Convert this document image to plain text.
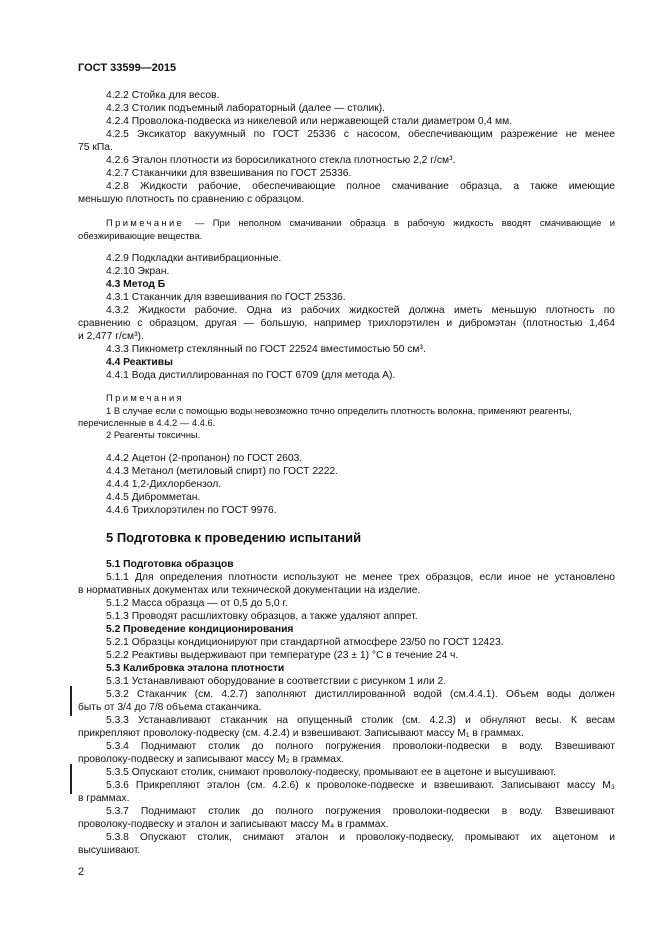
ГОСТ 33599—2015
4.2.2 Стойка для весов.
4.2.3 Столик подъемный лабораторный (далее — столик).
4.2.4 Проволока-подвеска из никелевой или нержавеющей стали диаметром 0,4 мм.
4.2.5 Эксикатор вакуумный по ГОСТ 25336 с насосом, обеспечивающим разрежение не менее
75 кПа.
4.2.6 Эталон плотности из боросиликатного стекла плотностью 2,2 г/см³.
4.2.7 Стаканчики для взвешивания по ГОСТ 25336.
4.2.8 Жидкости рабочие, обеспечивающие полное смачивание образца, а также имеющие
меньшую плотность по сравнению с образцом.
Примечание — При неполном смачивании образца в рабочую жидкость вводят смачивающие и
обезжиривающие вещества.
4.2.9 Подкладки антивибрационные.
4.2.10 Экран.
4.3 Метод Б
4.3.1 Стаканчик для взвешивания по ГОСТ 25336.
4.3.2 Жидкости рабочие. Одна из рабочих жидкостей должна иметь меньшую плотность по
сравнению с образцом, другая — большую, например трихлорэтилен и дибромэтан (плотностью 1,464
и 2,477 г/см³).
4.3.3 Пикнометр стеклянный по ГОСТ 22524 вместимостью 50 см³.
4.4 Реактивы
4.4.1 Вода дистиллированная по ГОСТ 6709 (для метода А).
Примечания
1 В случае если с помощью воды невозможно точно определить плотность волокна, применяют реагенты,
перечисленные в 4.4.2 — 4.4.6.
2 Реагенты токсичны.
4.4.2 Ацетон (2-пропанон) по ГОСТ 2603.
4.4.3 Метанол (метиловый спирт) по ГОСТ 2222.
4.4.4 1,2-Дихлорбензол.
4.4.5 Дибромметан.
4.4.6 Трихлорэтилен по ГОСТ 9976.
5 Подготовка к проведению испытаний
5.1 Подготовка образцов
5.1.1 Для определения плотности используют не менее трех образцов, если иное не установлено
в нормативных документах или технической документации на изделие.
5.1.2 Масса образца — от 0,5 до 5,0 г.
5.1.3 Проводят расшлихтовку образцов, а также удаляют аппрет.
5.2 Проведение кондиционирования
5.2.1 Образцы кондиционируют при стандартной атмосфере 23/50 по ГОСТ 12423.
5.2.2 Реактивы выдерживают при температуре (23 ± 1) °С в течение 24 ч.
5.3 Калибровка эталона плотности
5.3.1 Устанавливают оборудование в соответствии с рисунком 1 или 2.
5.3.2 Стаканчик (см. 4.2.7) заполняют дистиллированной водой (см.4.4.1). Объем воды должен
быть от 3/4 до 7/8 объема стаканчика.
5.3.3 Устанавливают стаканчик на опущенный столик (см. 4.2.3) и обнуляют весы. К весам
прикрепляют проволоку-подвеску (см. 4.2.4) и взвешивают. Записывают массу М₁ в граммах.
5.3.4 Поднимают столик до полного погружения проволоки-подвески в воду. Взвешивают
проволоку-подвеску и записывают массу М₂ в граммах.
5.3.5 Опускают столик, снимают проволоку-подвеску, промывают ее в ацетоне и высушивают.
5.3.6 Прикрепляют эталон (см. 4.2.6) к проволоке-подвеске и взвешивают. Записывают массу М₃
в граммах.
5.3.7 Поднимают столик до полного погружения проволоки-подвески в воду. Взвешивают
проволоку-подвеску и эталон и записывают массу М₄ в граммах.
5.3.8 Опускают столик, снимают эталон и проволоку-подвеску, промывают их ацетоном и
высушивают.
2
